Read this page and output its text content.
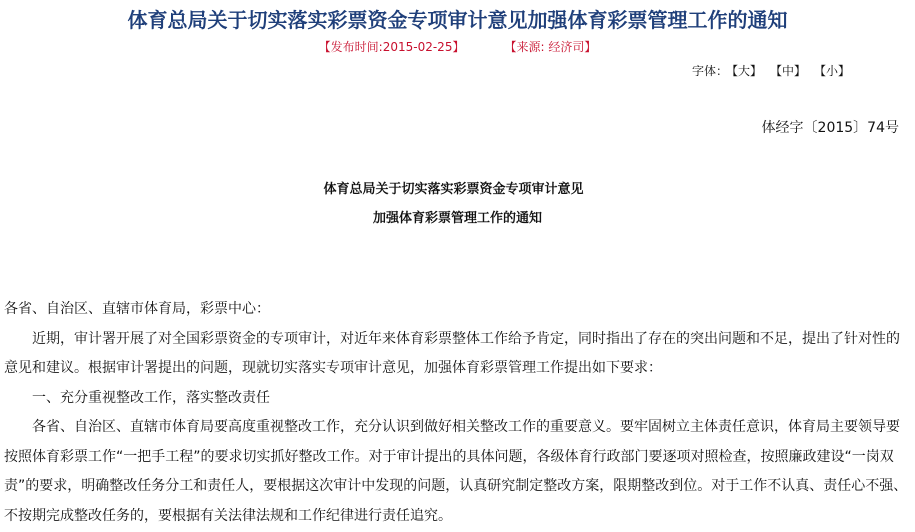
体育总局关于切实落实彩票资金专项审计意见加强体育彩票管理工作的通知
【发布时间:2015-02-25】	【来源: 经济司】
字体： 【大】 【中】 【小】
体经字〔2015〕74号
体育总局关于切实落实彩票资金专项审计意见
加强体育彩票管理工作的通知

各省、自治区、直辖市体育局，彩票中心：

近期，审计署开展了对全国彩票资金的专项审计，对近年来体育彩票整体工作给予肯定，同时指出了存在的突出问题和不足，提出了针对性的意见和建议。根据审计署提出的问题，现就切实落实专项审计意见，加强体育彩票管理工作提出如下要求：

一、充分重视整改工作，落实整改责任

各省、自治区、直辖市体育局要高度重视整改工作，充分认识到做好相关整改工作的重要意义。要牢固树立主体责任意识，体育局主要领导要按照体育彩票工作“一把手工程”的要求切实抓好整改工作。对于审计提出的具体问题，各级体育行政部门要逐项对照检查，按照廉政建设“一岗双责”的要求，明确整改任务分工和责任人，要根据这次审计中发现的问题，认真研究制定整改方案，限期整改到位。对于工作不认真、责任心不强、不按期完成整改任务的，要根据有关法律法规和工作纪律进行责任追究。
